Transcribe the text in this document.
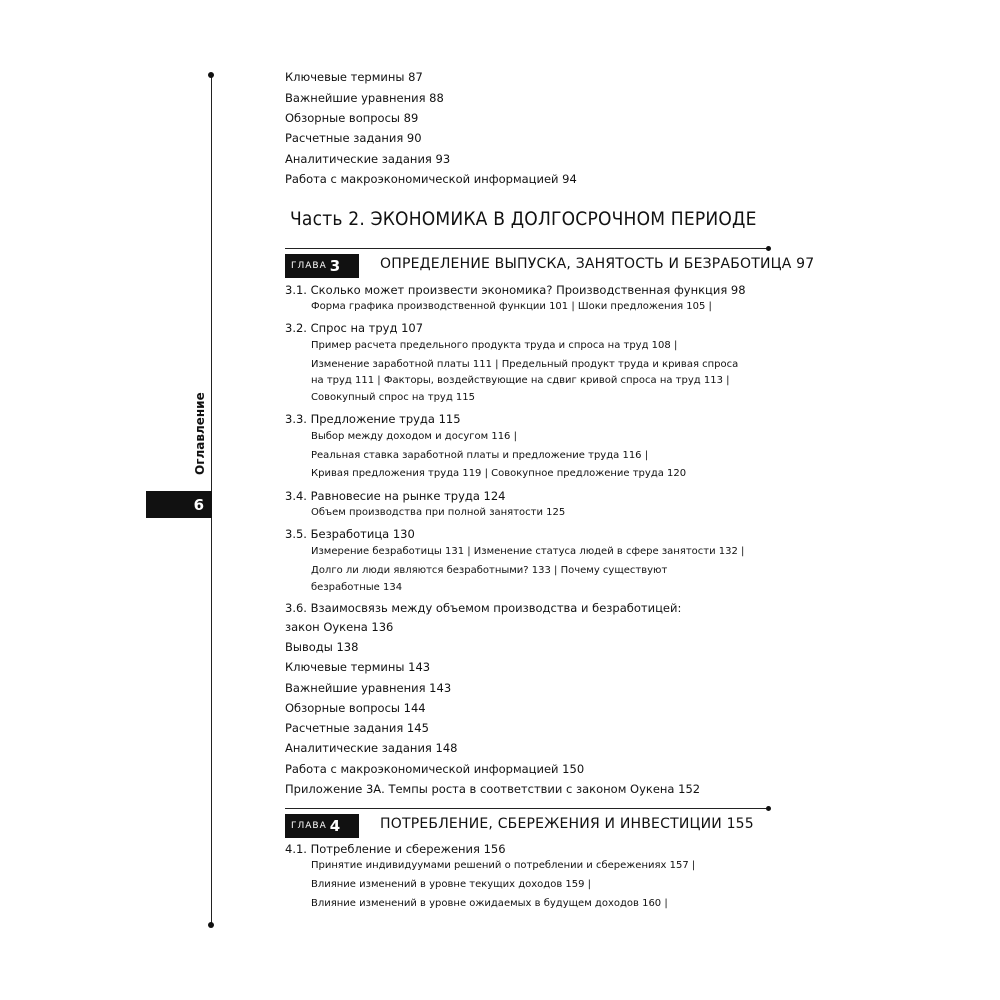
Оглавление
6
Ключевые термины 87
Важнейшие уравнения 88
Обзорные вопросы 89
Расчетные задания 90
Аналитические задания 93
Работа с макроэкономической информацией 94
Часть 2. ЭКОНОМИКА В ДОЛГОСРОЧНОМ ПЕРИОДЕ
ГЛАВА 3	ОПРЕДЕЛЕНИЕ ВЫПУСКА, ЗАНЯТОСТЬ И БЕЗРАБОТИЦА 97
3.1. Сколько может произвести экономика? Производственная функция 98
Форма графика производственной функции 101 | Шоки предложения 105 |
3.2. Спрос на труд 107
Пример расчета предельного продукта труда и спроса на труд 108 |
Изменение заработной платы 111 | Предельный продукт труда и кривая спроса
на труд 111 | Факторы, воздействующие на сдвиг кривой спроса на труд 113 |
Совокупный спрос на труд 115
3.3. Предложение труда 115
Выбор между доходом и досугом 116 |
Реальная ставка заработной платы и предложение труда 116 |
Кривая предложения труда 119 | Совокупное предложение труда 120
3.4. Равновесие на рынке труда 124
Объем производства при полной занятости 125
3.5. Безработица 130
Измерение безработицы 131 | Изменение статуса людей в сфере занятости 132 |
Долго ли люди являются безработными? 133 | Почему существуют
безработные 134
3.6. Взаимосвязь между объемом производства и безработицей:
закон Оукена 136
Выводы 138
Ключевые термины 143
Важнейшие уравнения 143
Обзорные вопросы 144
Расчетные задания 145
Аналитические задания 148
Работа с макроэкономической информацией 150
Приложение 3А. Темпы роста в соответствии с законом Оукена 152
ГЛАВА 4	ПОТРЕБЛЕНИЕ, СБЕРЕЖЕНИЯ И ИНВЕСТИЦИИ 155
4.1. Потребление и сбережения 156
Принятие индивидуумами решений о потреблении и сбережениях 157 |
Влияние изменений в уровне текущих доходов 159 |
Влияние изменений в уровне ожидаемых в будущем доходов 160 |
